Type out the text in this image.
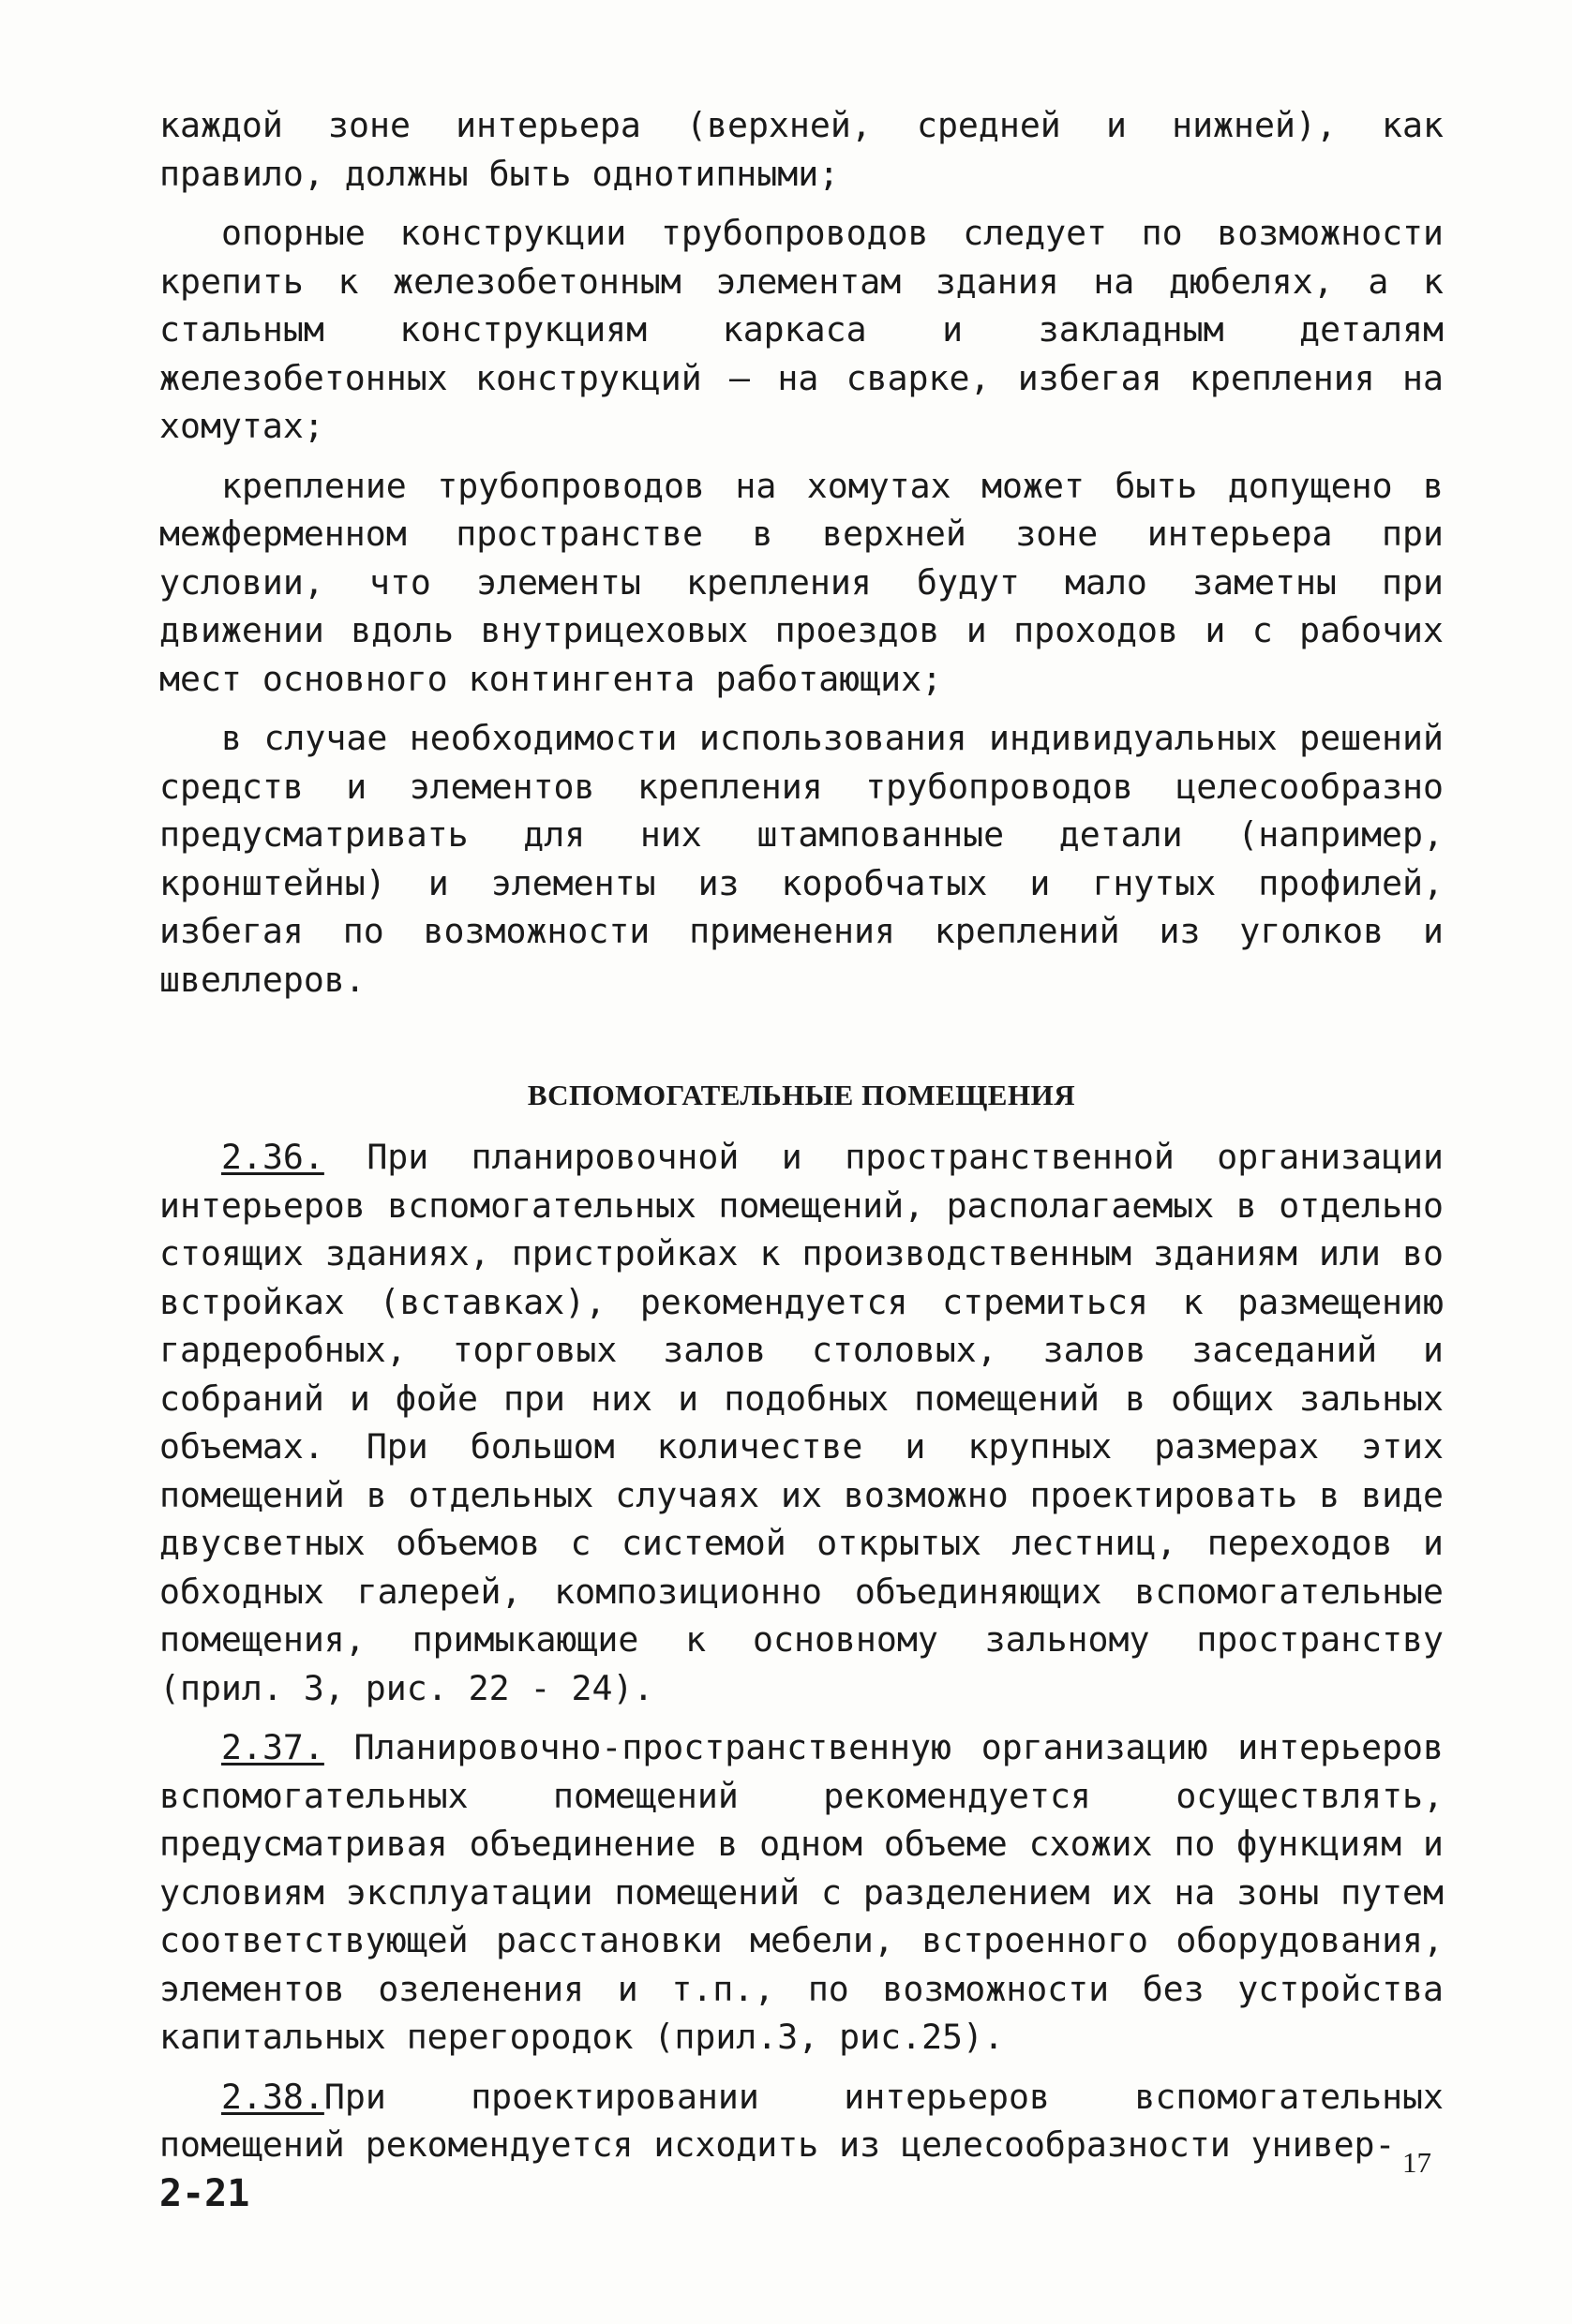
каждой зоне интерьера (верхней, средней и нижней), как правило, должны быть однотипными;

опорные конструкции трубопроводов следует по возможности крепить к железобетонным элементам здания на дюбелях, а к стальным конструкциям каркаса и закладным деталям железобетонных конструкций – на сварке, избегая крепления на хомутах;

крепление трубопроводов на хомутах может быть допущено в межферменном пространстве в верхней зоне интерьера при условии, что элементы крепления будут мало заметны при движении вдоль внутрицеховых проездов и проходов и с рабочих мест основного контингента работающих;

в случае необходимости использования индивидуальных решений средств и элементов крепления трубопроводов целесообразно предусматривать для них штампованные детали (например, кронштейны) и элементы из коробчатых и гнутых профилей, избегая по возможности применения креплений из уголков и швеллеров.

ВСПОМОГАТЕЛЬНЫЕ ПОМЕЩЕНИЯ

2.36. При планировочной и пространственной организации интерьеров вспомогательных помещений, располагаемых в отдельно стоящих зданиях, пристройках к производственным зданиям или во встройках (вставках), рекомендуется стремиться к размещению гардеробных, торговых залов столовых, залов заседаний и собраний и фойе при них и подобных помещений в общих зальных объемах. При большом количестве и крупных размерах этих помещений в отдельных случаях их возможно проектировать в виде двусветных объемов с системой открытых лестниц, переходов и обходных галерей, композиционно объединяющих вспомогательные помещения, примыкающие к основному зальному пространству (прил. 3, рис. 22 - 24).

2.37. Планировочно-пространственную организацию интерьеров вспомогательных помещений рекомендуется осуществлять, предусматривая объединение в одном объеме схожих по функциям и условиям эксплуатации помещений с разделением их на зоны путем соответствующей расстановки мебели, встроенного оборудования, элементов озеленения и т.п., по возможности без устройства капитальных перегородок (прил.3, рис.25).

2.38.При проектировании интерьеров вспомогательных помещений рекомендуется исходить из целесообразности универ-

2-21
17
